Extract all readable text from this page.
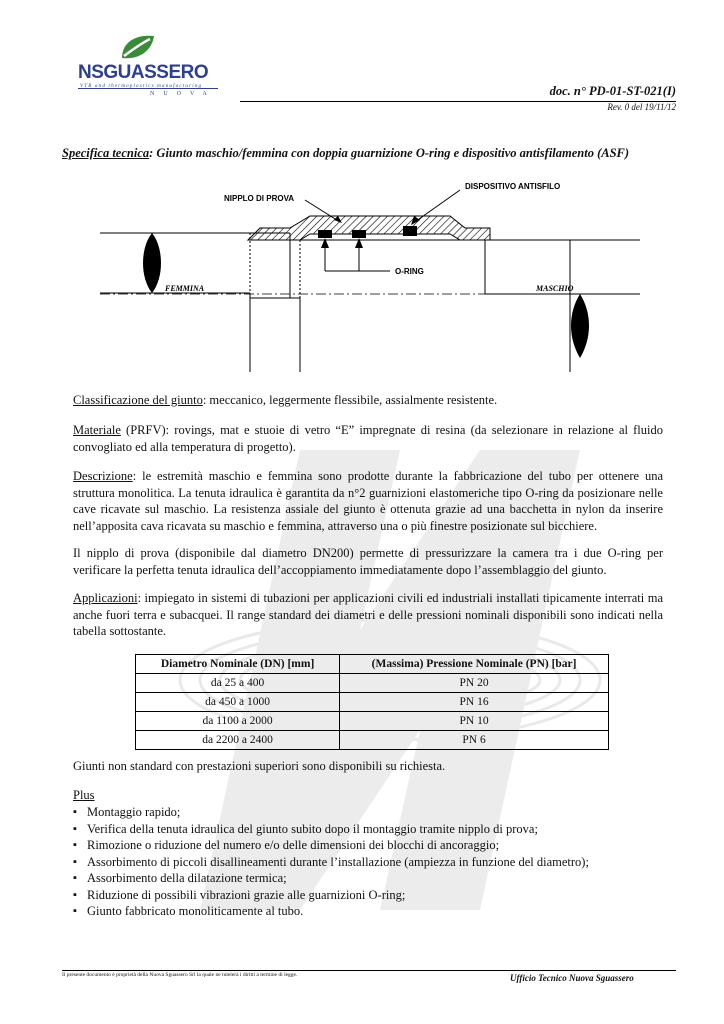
NSGUASSERO
VTR and thermoplastics manufacturing
NUOVA	doc. n° PD-01-ST-021(I)
Rev. 0 del 19/11/12
Specifica tecnica: Giunto maschio/femmina con doppia guarnizione O-ring e dispositivo antisfilamento (ASF)
NIPPLO DI PROVA
DISPOSITIVO ANTISFILO
O-RING
FEMMINA	MASCHIO
Classificazione del giunto: meccanico, leggermente flessibile, assialmente resistente.
Materiale (PRFV): rovings, mat e stuoie di vetro “E” impregnate di resina (da selezionare in relazione al fluido convogliato ed alla temperatura di progetto).
Descrizione: le estremità maschio e femmina sono prodotte durante la fabbricazione del tubo per ottenere una struttura monolitica. La tenuta idraulica è garantita da n°2 guarnizioni elastomeriche tipo O-ring da posizionare nelle cave ricavate sul maschio. La resistenza assiale del giunto è ottenuta grazie ad una bacchetta in nylon da inserire nell’apposita cava ricavata su maschio e femmina, attraverso una o più finestre posizionate sul bicchiere.
Il nipplo di prova (disponibile dal diametro DN200) permette di pressurizzare la camera tra i due O-ring per verificare la perfetta tenuta idraulica dell’accoppiamento immediatamente dopo l’assemblaggio del giunto.
Applicazioni: impiegato in sistemi di tubazioni per applicazioni civili ed industriali installati tipicamente interrati ma anche fuori terra e subacquei. Il range standard dei diametri e delle pressioni nominali disponibili sono indicati nella tabella sottostante.
Diametro Nominale (DN) [mm]	(Massima) Pressione Nominale (PN) [bar]
da 25 a 400	PN 20
da 450 a 1000	PN 16
da 1100 a 2000	PN 10
da 2200 a 2400	PN 6
Giunti non standard con prestazioni superiori sono disponibili su richiesta.
Plus
▪ Montaggio rapido;
▪ Verifica della tenuta idraulica del giunto subito dopo il montaggio tramite nipplo di prova;
▪ Rimozione o riduzione del numero e/o delle dimensioni dei blocchi di ancoraggio;
▪ Assorbimento di piccoli disallineamenti durante l’installazione (ampiezza in funzione del diametro);
▪ Assorbimento della dilatazione termica;
▪ Riduzione di possibili vibrazioni grazie alle guarnizioni O-ring;
▪ Giunto fabbricato monoliticamente al tubo.
Il presente documento è proprietà della Nuova Sguassero Srl la quale ne tutelerà i diritti a termine di legge.	Ufficio Tecnico Nuova Sguassero
